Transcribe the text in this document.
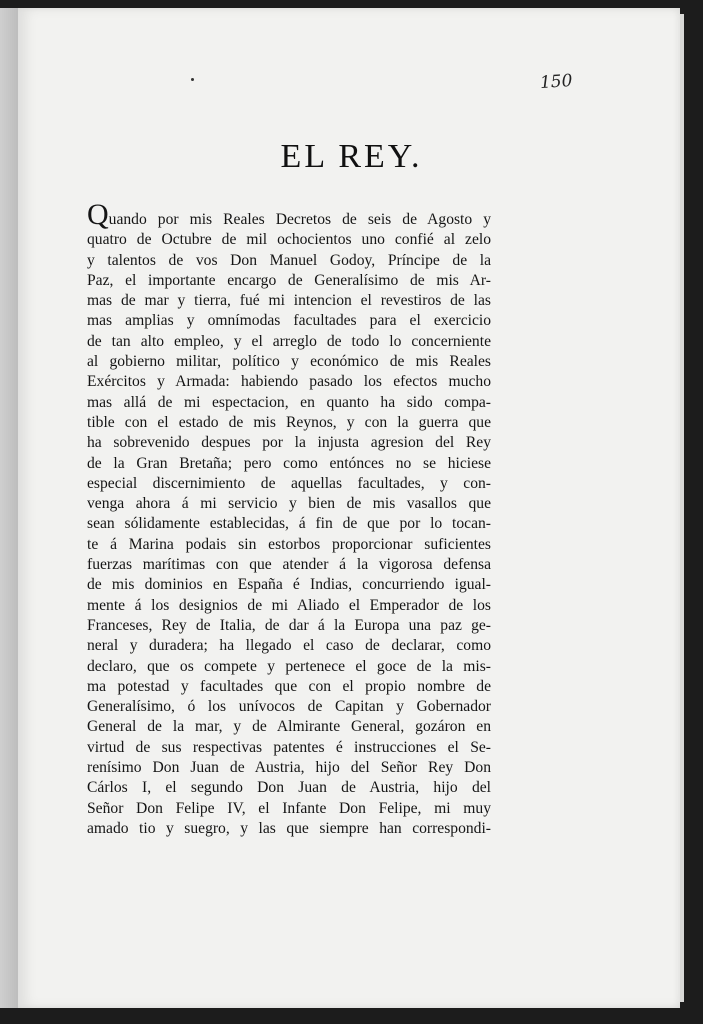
150
EL REY.
Quando por mis Reales Decretos de seis de Agosto y
quatro de Octubre de mil ochocientos uno confié al zelo
y talentos de vos Don Manuel Godoy, Príncipe de la
Paz, el importante encargo de Generalísimo de mis Ar-
mas de mar y tierra, fué mi intencion el revestiros de las
mas amplias y omnímodas facultades para el exercicio
de tan alto empleo, y el arreglo de todo lo concerniente
al gobierno militar, político y económico de mis Reales
Exércitos y Armada: habiendo pasado los efectos mucho
mas allá de mi espectacion, en quanto ha sido compa-
tible con el estado de mis Reynos, y con la guerra que
ha sobrevenido despues por la injusta agresion del Rey
de la Gran Bretaña; pero como entónces no se hiciese
especial discernimiento de aquellas facultades, y con-
venga ahora á mi servicio y bien de mis vasallos que
sean sólidamente establecidas, á fin de que por lo tocan-
te á Marina podais sin estorbos proporcionar suficientes
fuerzas marítimas con que atender á la vigorosa defensa
de mis dominios en España é Indias, concurriendo igual-
mente á los designios de mi Aliado el Emperador de los
Franceses, Rey de Italia, de dar á la Europa una paz ge-
neral y duradera; ha llegado el caso de declarar, como
declaro, que os compete y pertenece el goce de la mis-
ma potestad y facultades que con el propio nombre de
Generalísimo, ó los unívocos de Capitan y Gobernador
General de la mar, y de Almirante General, gozáron en
virtud de sus respectivas patentes é instrucciones el Se-
renísimo Don Juan de Austria, hijo del Señor Rey Don
Cárlos I, el segundo Don Juan de Austria, hijo del
Señor Don Felipe IV, el Infante Don Felipe, mi muy
amado tio y suegro, y las que siempre han correspondi-
